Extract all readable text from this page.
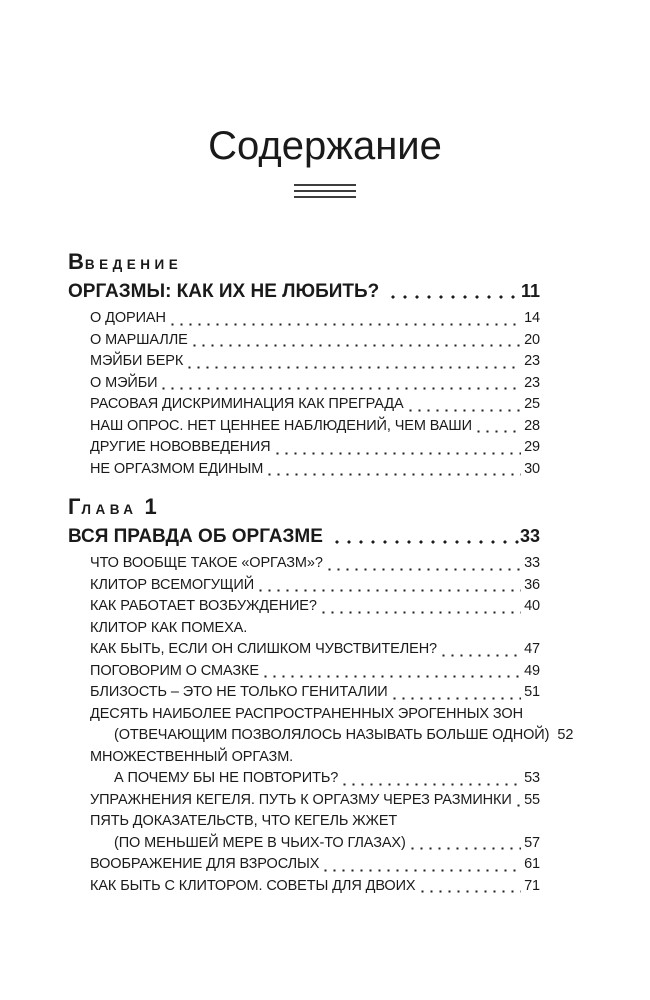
Содержание
ВВЕДЕНИЕ
ОРГАЗМЫ: КАК ИХ НЕ ЛЮБИТЬ?	11
О ДОРИАН	14
О МАРШАЛЛЕ	20
МЭЙБИ БЕРК	23
О МЭЙБИ	23
РАСОВАЯ ДИСКРИМИНАЦИЯ КАК ПРЕГРАДА	25
НАШ ОПРОС. НЕТ ЦЕННЕЕ НАБЛЮДЕНИЙ, ЧЕМ ВАШИ	28
ДРУГИЕ НОВОВВЕДЕНИЯ	29
НЕ ОРГАЗМОМ ЕДИНЫМ	30
ГЛАВА 1
ВСЯ ПРАВДА ОБ ОРГАЗМЕ	33
ЧТО ВООБЩЕ ТАКОЕ «ОРГАЗМ»?	33
КЛИТОР ВСЕМОГУЩИЙ	36
КАК РАБОТАЕТ ВОЗБУЖДЕНИЕ?	40
КЛИТОР КАК ПОМЕХА.
КАК БЫТЬ, ЕСЛИ ОН СЛИШКОМ ЧУВСТВИТЕЛЕН?	47
ПОГОВОРИМ О СМАЗКЕ	49
БЛИЗОСТЬ – ЭТО НЕ ТОЛЬКО ГЕНИТАЛИИ	51
ДЕСЯТЬ НАИБОЛЕЕ РАСПРОСТРАНЕННЫХ ЭРОГЕННЫХ ЗОН
(ОТВЕЧАЮЩИМ ПОЗВОЛЯЛОСЬ НАЗЫВАТЬ БОЛЬШЕ ОДНОЙ) 52
МНОЖЕСТВЕННЫЙ ОРГАЗМ.
А ПОЧЕМУ БЫ НЕ ПОВТОРИТЬ?	53
УПРАЖНЕНИЯ КЕГЕЛЯ. ПУТЬ К ОРГАЗМУ ЧЕРЕЗ РАЗМИНКИ 55
ПЯТЬ ДОКАЗАТЕЛЬСТВ, ЧТО КЕГЕЛЬ ЖЖЕТ
(ПО МЕНЬШЕЙ МЕРЕ В ЧЬИХ-ТО ГЛАЗАХ)	57
ВООБРАЖЕНИЕ ДЛЯ ВЗРОСЛЫХ	61
КАК БЫТЬ С КЛИТОРОМ. СОВЕТЫ ДЛЯ ДВОИХ	71
